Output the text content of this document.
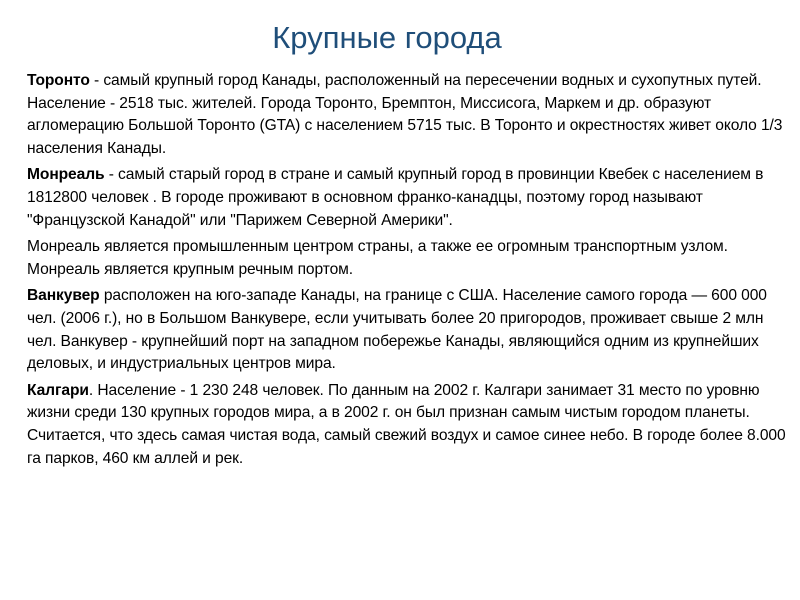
Крупные города

Торонто - самый крупный город Канады, расположенный на пересечении водных и сухопутных путей. Население - 2518 тыс. жителей. Города Торонто, Бремптон, Миссисога, Маркем и др. образуют агломерацию Большой Торонто (GTA) с населением 5715 тыс. В Торонто и окрестностях живет около 1/3 населения Канады.

Монреаль - самый старый город в стране и самый крупный город в провинции Квебек с населением в 1812800 человек . В городе проживают в основном франко-канадцы, поэтому город называют "Французской Канадой" или "Парижем Северной Америки".

Монреаль является промышленным центром страны, а также ее огромным транспортным узлом. Монреаль является крупным речным портом.

Ванкувер расположен на юго-западе Канады, на границе с США. Население самого города — 600 000 чел. (2006 г.), но в Большом Ванкувере, если учитывать более 20 пригородов, проживает свыше 2 млн чел. Ванкувер - крупнейший порт на западном побережье Канады, являющийся одним из крупнейших деловых, и индустриальных центров мира.

Калгари. Население - 1 230 248 человек. По данным на 2002 г. Калгари занимает 31 место по уровню жизни среди 130 крупных городов мира, а в 2002 г. он был признан самым чистым городом планеты. Считается, что здесь самая чистая вода, самый свежий воздух и самое синее небо. В городе более 8.000 га парков, 460 км аллей и рек.
